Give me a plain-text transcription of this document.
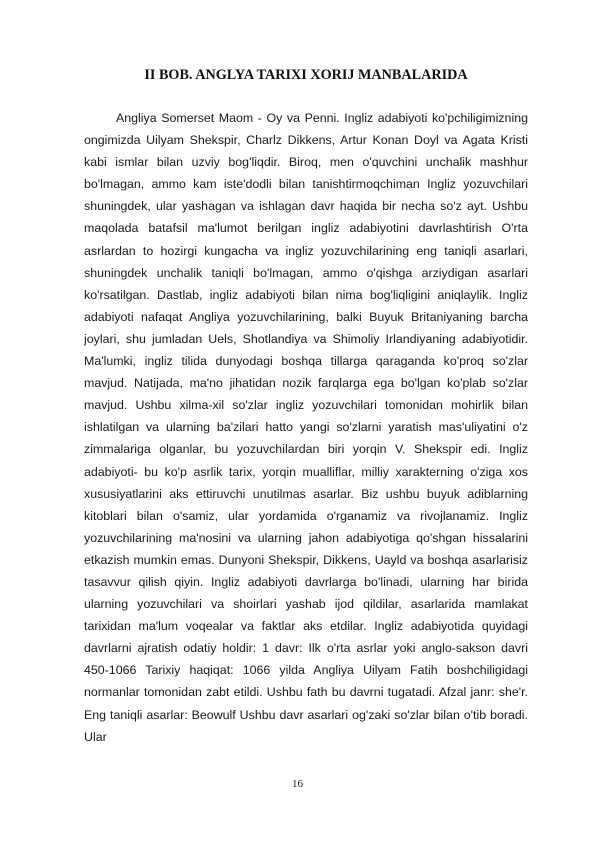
II BOB. ANGLYA TARIXI XORIJ MANBALARIDA

Angliya Somerset Maom - Oy va Penni. Ingliz adabiyoti ko'pchiligimizning ongimizda Uilyam Shekspir, Charlz Dikkens, Artur Konan Doyl va Agata Kristi kabi ismlar bilan uzviy bog'liqdir. Biroq, men o'quvchini unchalik mashhur bo'lmagan, ammo kam iste'dodli bilan tanishtirmoqchiman Ingliz yozuvchilari shuningdek, ular yashagan va ishlagan davr haqida bir necha so'z ayt. Ushbu maqolada batafsil ma'lumot berilgan ingliz adabiyotini davrlashtirish O'rta asrlardan to hozirgi kungacha va ingliz yozuvchilarining eng taniqli asarlari, shuningdek unchalik taniqli bo'lmagan, ammo o'qishga arziydigan asarlari ko'rsatilgan. Dastlab, ingliz adabiyoti bilan nima bog'liqligini aniqlaylik. Ingliz adabiyoti nafaqat Angliya yozuvchilarining, balki Buyuk Britaniyaning barcha joylari, shu jumladan Uels, Shotlandiya va Shimoliy Irlandiyaning adabiyotidir. Ma'lumki, ingliz tilida dunyodagi boshqa tillarga qaraganda ko'proq so'zlar mavjud. Natijada, ma'no jihatidan nozik farqlarga ega bo'lgan ko'plab so'zlar mavjud. Ushbu xilma-xil so'zlar ingliz yozuvchilari tomonidan mohirlik bilan ishlatilgan va ularning ba'zilari hatto yangi so'zlarni yaratish mas'uliyatini o'z zimmalariga olganlar, bu yozuvchilardan biri yorqin V. Shekspir edi. Ingliz adabiyoti- bu ko'p asrlik tarix, yorqin mualliflar, milliy xarakterning o'ziga xos xususiyatlarini aks ettiruvchi unutilmas asarlar. Biz ushbu buyuk adiblarning kitoblari bilan o'samiz, ular yordamida o'rganamiz va rivojlanamiz. Ingliz yozuvchilarining ma'nosini va ularning jahon adabiyotiga qo'shgan hissalarini etkazish mumkin emas. Dunyoni Shekspir, Dikkens, Uayld va boshqa asarlarisiz tasavvur qilish qiyin. Ingliz adabiyoti davrlarga bo'linadi, ularning har birida ularning yozuvchilari va shoirlari yashab ijod qildilar, asarlarida mamlakat tarixidan ma'lum voqealar va faktlar aks etdilar. Ingliz adabiyotida quyidagi davrlarni ajratish odatiy holdir: 1 davr: Ilk o'rta asrlar yoki anglo-sakson davri 450-1066 Tarixiy haqiqat: 1066 yilda Angliya Uilyam Fatih boshchiligidagi normanlar tomonidan zabt etildi. Ushbu fath bu davrni tugatadi. Afzal janr: she'r. Eng taniqli asarlar: Beowulf Ushbu davr asarlari og'zaki so'zlar bilan o'tib boradi. Ular

16
